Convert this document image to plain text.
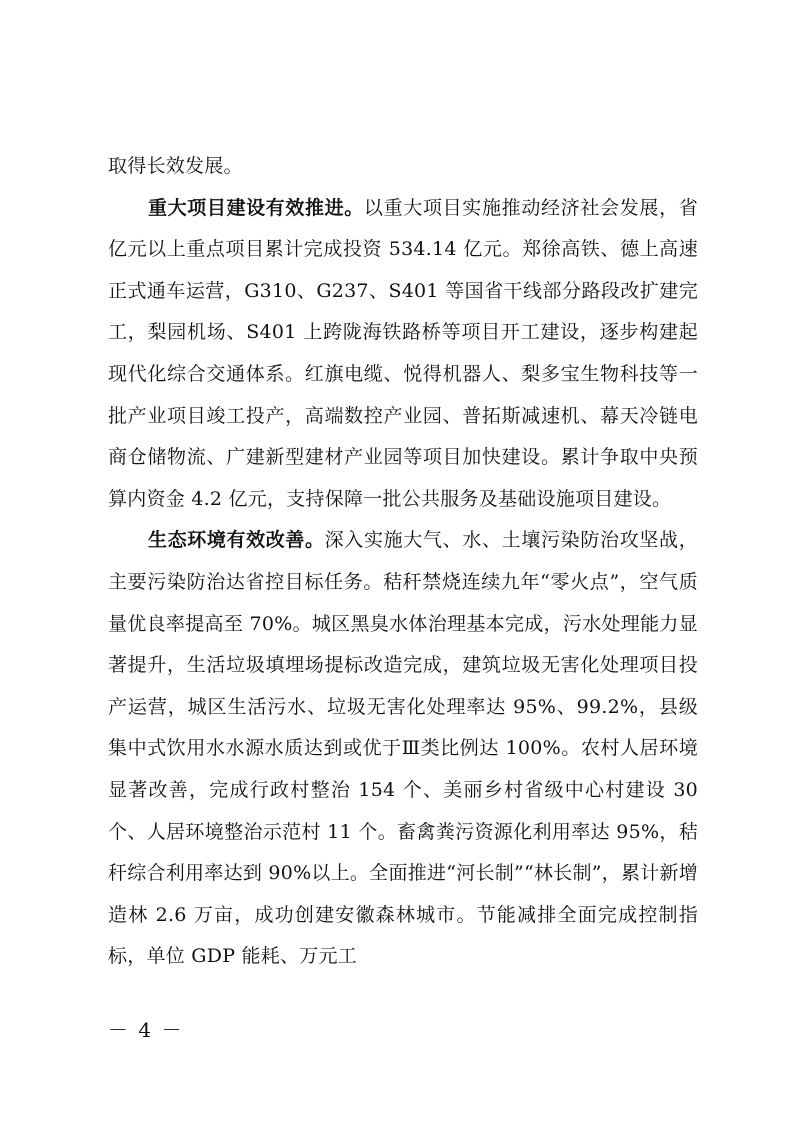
取得长效发展。

重大项目建设有效推进。以重大项目实施推动经济社会发展，省亿元以上重点项目累计完成投资 534.14 亿元。郑徐高铁、德上高速正式通车运营，G310、G237、S401 等国省干线部分路段改扩建完工，梨园机场、S401 上跨陇海铁路桥等项目开工建设，逐步构建起现代化综合交通体系。红旗电缆、悦得机器人、梨多宝生物科技等一批产业项目竣工投产，高端数控产业园、普拓斯减速机、幕天冷链电商仓储物流、广建新型建材产业园等项目加快建设。累计争取中央预算内资金 4.2 亿元，支持保障一批公共服务及基础设施项目建设。

生态环境有效改善。深入实施大气、水、土壤污染防治攻坚战，主要污染防治达省控目标任务。秸秆禁烧连续九年“零火点”，空气质量优良率提高至 70%。城区黑臭水体治理基本完成，污水处理能力显著提升，生活垃圾填埋场提标改造完成，建筑垃圾无害化处理项目投产运营，城区生活污水、垃圾无害化处理率达 95%、99.2%，县级集中式饮用水水源水质达到或优于Ⅲ类比例达 100%。农村人居环境显著改善，完成行政村整治 154 个、美丽乡村省级中心村建设 30 个、人居环境整治示范村 11 个。畜禽粪污资源化利用率达 95%，秸秆综合利用率达到 90%以上。全面推进“河长制”“林长制”，累计新增造林 2.6 万亩，成功创建安徽森林城市。节能减排全面完成控制指标，单位 GDP 能耗、万元工

－ 4 －
